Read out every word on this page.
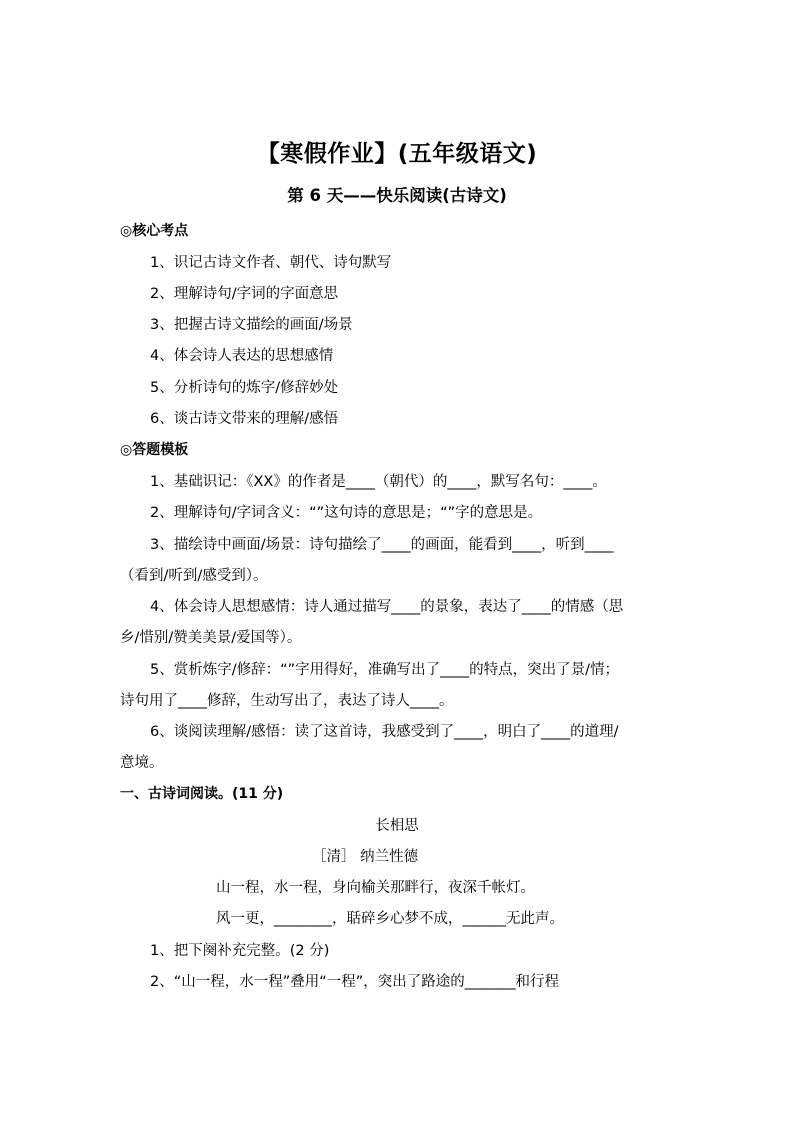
【寒假作业】(五年级语文)
第 6 天——快乐阅读(古诗文)
◎核心考点
1、识记古诗文作者、朝代、诗句默写
2、理解诗句/字词的字面意思
3、把握古诗文描绘的画面/场景
4、体会诗人表达的思想感情
5、分析诗句的炼字/修辞妙处
6、谈古诗文带来的理解/感悟
◎答题模板
1、基础识记：《XX》的作者是____（朝代）的____，默写名句：____。
2、理解诗句/字词含义：“”这句诗的意思是；“”字的意思是。
3、描绘诗中画面/场景：诗句描绘了____的画面，能看到____，听到____
（看到/听到/感受到）。
4、体会诗人思想感情：诗人通过描写____的景象，表达了____的情感（思
乡/惜别/赞美美景/爱国等）。
5、赏析炼字/修辞：“”字用得好，准确写出了____的特点，突出了景/情；
诗句用了____修辞，生动写出了，表达了诗人____。
6、谈阅读理解/感悟：读了这首诗，我感受到了____，明白了____的道理/
意境。
一、古诗词阅读。(11 分)
长相思
［清］ 纳兰性德
山一程，水一程，身向榆关那畔行，夜深千帐灯。
风一更，________，聒碎乡心梦不成，______无此声。
1、把下阕补充完整。(2 分)
2、“山一程，水一程”叠用“一程”，突出了路途的_______和行程
